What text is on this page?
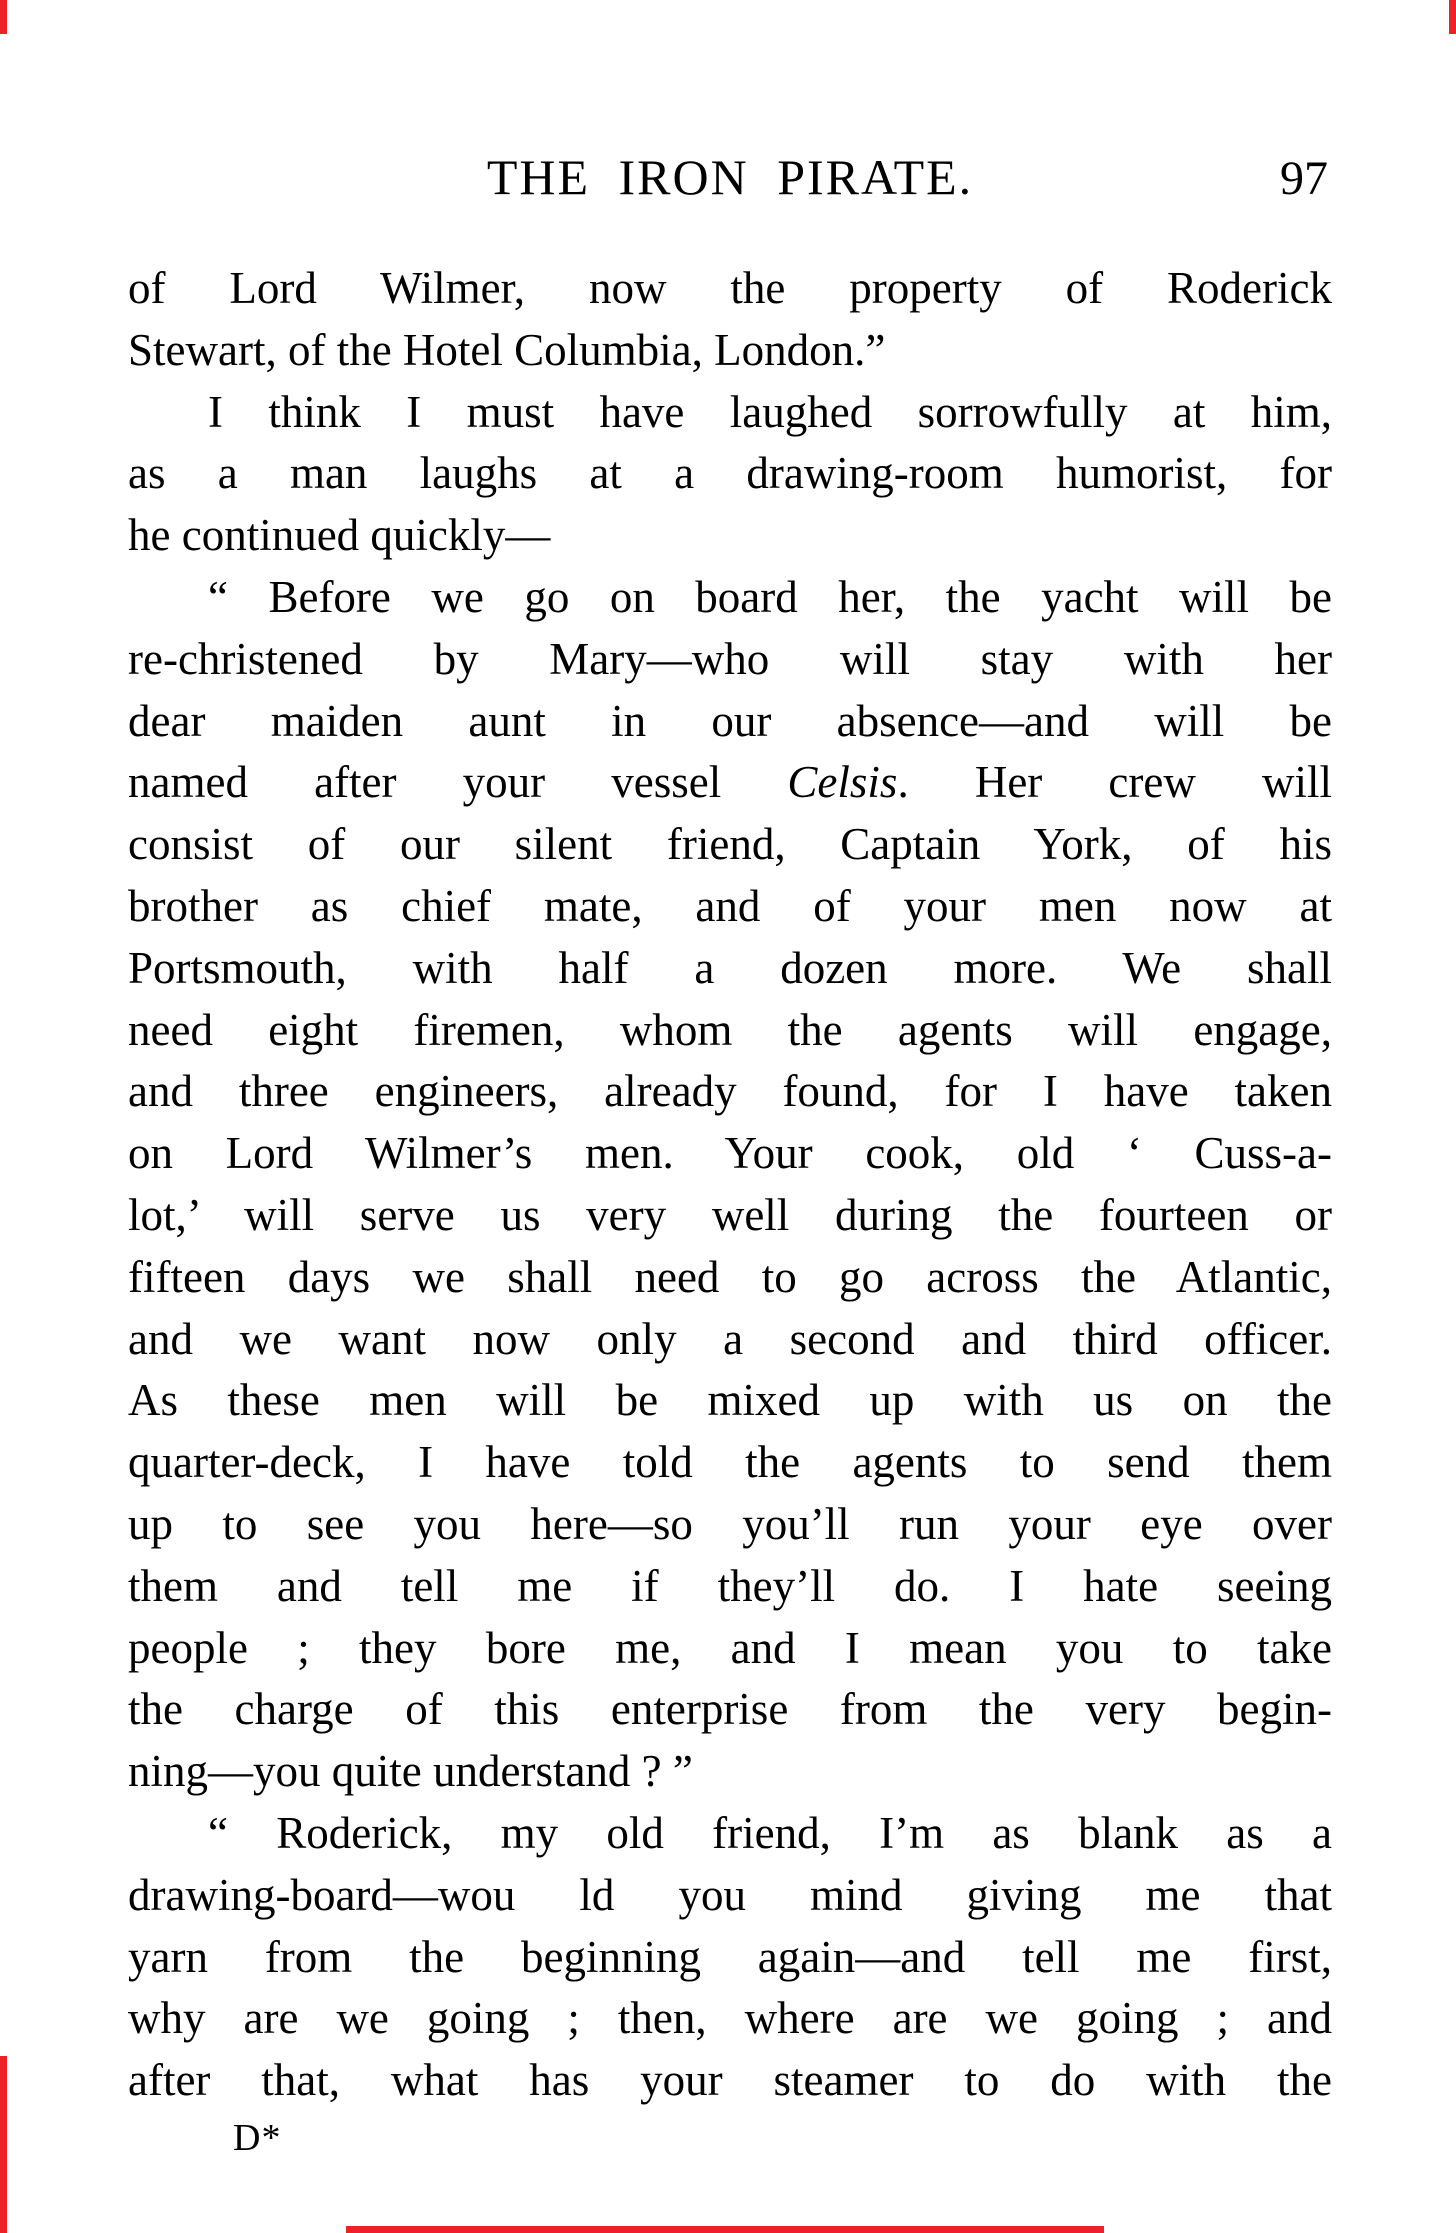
THE IRON PIRATE.	97
of Lord Wilmer, now the property of Roderick
Stewart, of the Hotel Columbia, London.”
I think I must have laughed sorrowfully at him,
as a man laughs at a drawing-room humorist, for
he continued quickly—
“ Before we go on board her, the yacht will be
re-christened by Mary—who will stay with her
dear maiden aunt in our absence—and will be
named after your vessel Celsis. Her crew will
consist of our silent friend, Captain York, of his
brother as chief mate, and of your men now at
Portsmouth, with half a dozen more. We shall
need eight firemen, whom the agents will engage,
and three engineers, already found, for I have taken
on Lord Wilmer’s men. Your cook, old ‘ Cuss-a-
lot,’ will serve us very well during the fourteen or
fifteen days we shall need to go across the Atlantic,
and we want now only a second and third officer.
As these men will be mixed up with us on the
quarter-deck, I have told the agents to send them
up to see you here—so you’ll run your eye over
them and tell me if they’ll do. I hate seeing
people ; they bore me, and I mean you to take
the charge of this enterprise from the very begin-
ning—you quite understand ? ”
“ Roderick, my old friend, I’m as blank as a
drawing-board—wou ld you mind giving me that
yarn from the beginning again—and tell me first,
why are we going ; then, where are we going ; and
after that, what has your steamer to do with the
D*
